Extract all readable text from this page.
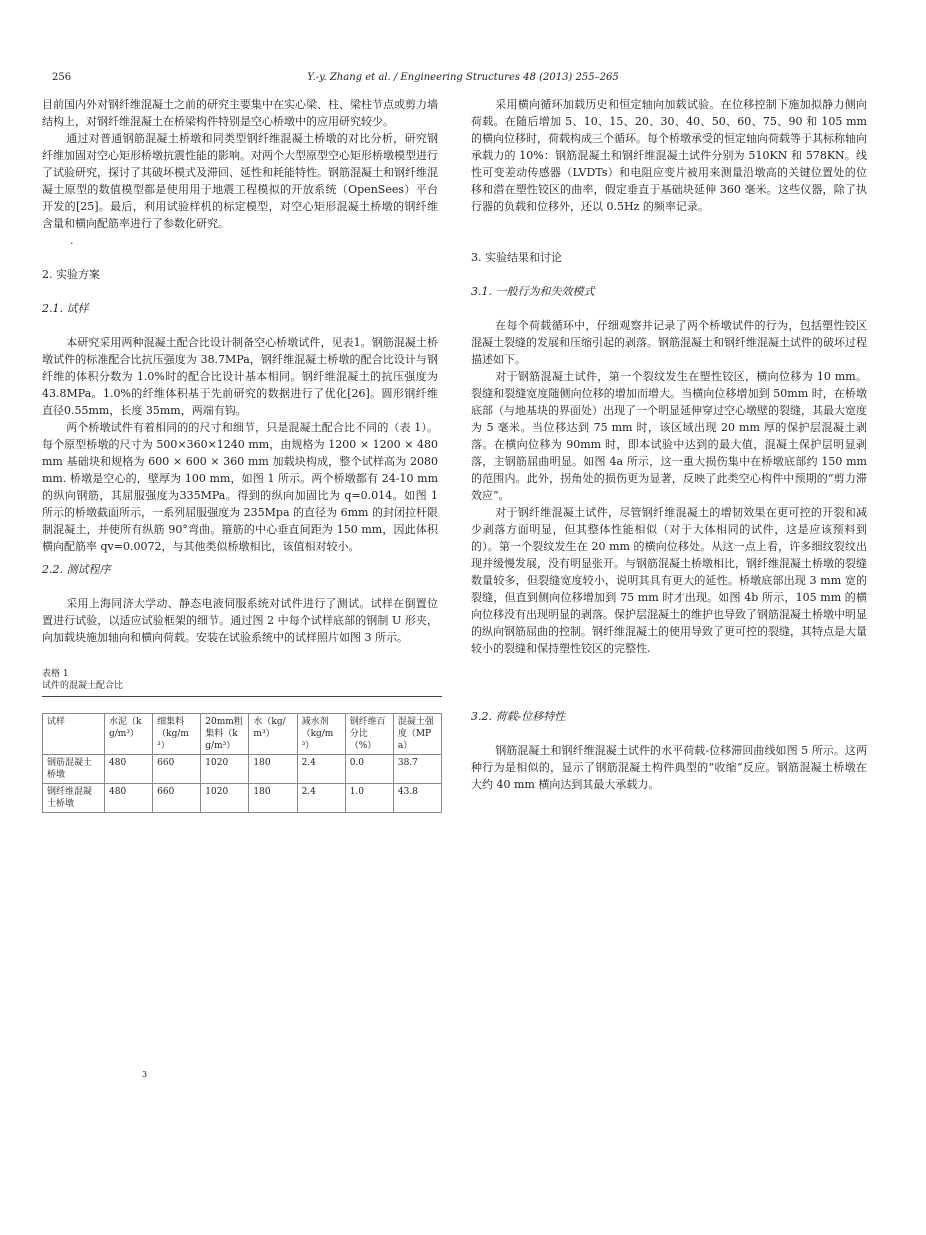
256	Y.-y. Zhang et al. / Engineering Structures 48 (2013) 255–265

目前国内外对钢纤维混凝土之前的研究主要集中在实心梁、柱、梁柱节点或剪力墙结构上，对钢纤维混凝土在桥梁构件特别是空心桥墩中的应用研究较少。

通过对普通钢筋混凝土桥墩和同类型钢纤维混凝土桥墩的对比分析，研究钢纤维加固对空心矩形桥墩抗震性能的影响。对两个大型原型空心矩形桥墩模型进行了试验研究，探讨了其破坏模式及滞回、延性和耗能特性。钢筋混凝土和钢纤维混凝土原型的数值模型都是使用用于地震工程模拟的开放系统（OpenSees）平台开发的[25]。最后，利用试验样机的标定模型，对空心矩形混凝土桥墩的钢纤维含量和横向配筋率进行了参数化研究。

.
2. 实验方案
2.1. 试样

本研究采用两种混凝土配合比设计制备空心桥墩试件，见表1。钢筋混凝土桥墩试件的标准配合比抗压强度为 38.7MPa，钢纤维混凝土桥墩的配合比设计与钢纤维的体积分数为 1.0%时的配合比设计基本相同。钢纤维混凝土的抗压强度为 43.8MPa。1.0%的纤维体积基于先前研究的数据进行了优化[26]。圆形钢纤维直径0.55mm，长度 35mm，两端有钩。

两个桥墩试件有着相同的的尺寸和细节，只是混凝土配合比不同的（表 1）。每个原型桥墩的尺寸为 500×360×1240 mm，由规格为 1200 × 1200 × 480 mm 基础块和规格为 600 × 600 × 360 mm 加载块构成，整个试样高为 2080 mm. 桥墩是空心的，壁厚为 100 mm，如图 1 所示。两个桥墩都有 24-10 mm 的纵向钢筋，其屈服强度为335MPa。得到的纵向加固比为 q=0.014。如图 1 所示的桥墩截面所示，一系列屈服强度为 235Mpa 的直径为 6mm 的封闭拉杆限制混凝土，并使所有纵筋 90°弯曲。箍筋的中心垂直间距为 150 mm，因此体积横向配筋率 qv=0.0072，与其他类似桥墩相比，该值相对较小。

2.2. 测试程序

采用上海同济大学动、静态电液伺服系统对试件进行了测试。试样在倒置位置进行试验，以适应试验框架的细节。通过图 2 中每个试样底部的钢制 U 形夹，向加载块施加轴向和横向荷载。安装在试验系统中的试样照片如图 3 所示。

表格 1
试件的混凝土配合比
试样	水泥（kg/m³）	细集料（kg/m³）	20mm粗集料（kg/m³）	水（kg/m³）	减水剂（kg/m³）	钢纤维百分比（%）	混凝土强度（MPa）
钢筋混凝土桥墩	480	660	1020	180	2.4	0.0	38.7
钢纤维混凝土桥墩	480	660	1020	180	2.4	1.0	43.8
3

采用横向循环加载历史和恒定轴向加载试验。在位移控制下施加拟静力侧向荷载。在随后增加 5、10、15、20、30、40、50、60、75、90 和 105 mm 的横向位移时，荷载构成三个循环。每个桥墩承受的恒定轴向荷载等于其标称轴向承载力的 10%：钢筋混凝土和钢纤维混凝土试件分别为 510KN 和 578KN。线性可变差动传感器（LVDTs）和电阻应变片被用来测量沿墩高的关键位置处的位移和潜在塑性铰区的曲率，假定垂直于基础块延伸 360 毫米。这些仪器，除了执行器的负载和位移外，还以 0.5Hz 的频率记录。

3. 实验结果和讨论
3.1. 一般行为和失效模式

在每个荷载循环中，仔细观察并记录了两个桥墩试件的行为，包括塑性铰区混凝土裂缝的发展和压缩引起的剥落。钢筋混凝土和钢纤维混凝土试件的破坏过程描述如下。

对于钢筋混凝土试件，第一个裂纹发生在塑性铰区，横向位移为 10 mm。裂缝和裂缝宽度随侧向位移的增加而增大。当横向位移增加到 50mm 时，在桥墩底部（与地基块的界面处）出现了一个明显延伸穿过空心墩壁的裂缝，其最大宽度为 5 毫米。当位移达到 75 mm 时，该区域出现 20 mm 厚的保护层混凝土剥落。在横向位移为 90mm 时，即本试验中达到的最大值，混凝土保护层明显剥落，主钢筋屈曲明显。如图 4a 所示，这一重大损伤集中在桥墩底部约 150 mm 的范围内。此外，拐角处的损伤更为显著，反映了此类空心构件中预期的“剪力滞效应”。

对于钢纤维混凝土试件，尽管钢纤维混凝土的增韧效果在更可控的开裂和减少剥落方面明显，但其整体性能相似（对于大体相同的试件，这是应该预料到的）。第一个裂纹发生在 20 mm 的横向位移处。从这一点上看，许多细纹裂纹出现并缓慢发展，没有明显张开。与钢筋混凝土桥墩相比，钢纤维混凝土桥墩的裂缝数量较多，但裂缝宽度较小，说明其具有更大的延性。桥墩底部出现 3 mm 宽的裂缝，但直到侧向位移增加到 75 mm 时才出现。如图 4b 所示，105 mm 的横向位移没有出现明显的剥落。保护层混凝土的维护也导致了钢筋混凝土桥墩中明显的纵向钢筋屈曲的控制。钢纤维混凝土的使用导致了更可控的裂缝，其特点是大量较小的裂缝和保持塑性铰区的完整性.

3.2. 荷载-位移特性

钢筋混凝土和钢纤维混凝土试件的水平荷载-位移滞回曲线如图 5 所示。这两种行为是相似的，显示了钢筋混凝土构件典型的“收缩”反应。钢筋混凝土桥墩在大约 40 mm 横向达到其最大承载力。
